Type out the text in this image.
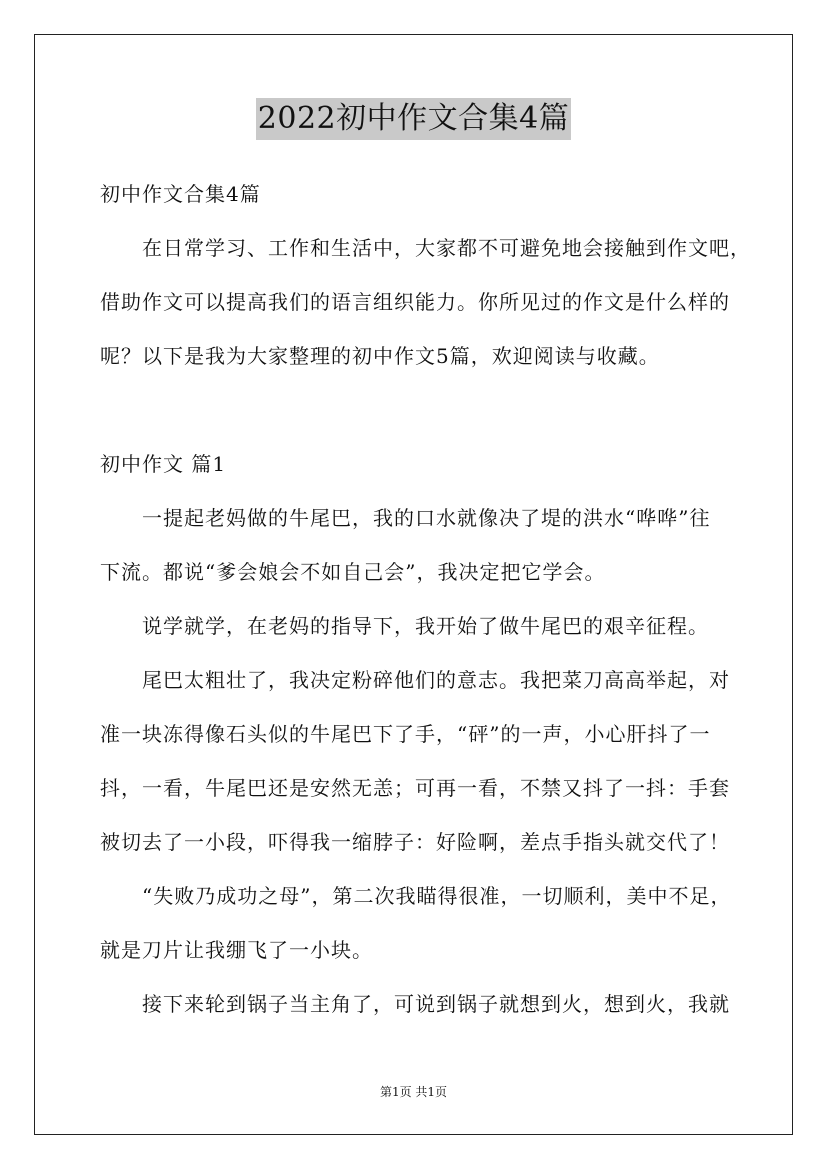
2022初中作文合集4篇
初中作文合集4篇
　　在日常学习、工作和生活中，大家都不可避免地会接触到作文吧，
借助作文可以提高我们的语言组织能力。你所见过的作文是什么样的
呢？以下是我为大家整理的初中作文5篇，欢迎阅读与收藏。
初中作文 篇1
　　一提起老妈做的牛尾巴，我的口水就像决了堤的洪水“哗哗”往
下流。都说“爹会娘会不如自己会”，我决定把它学会。
　　说学就学，在老妈的指导下，我开始了做牛尾巴的艰辛征程。
　　尾巴太粗壮了，我决定粉碎他们的意志。我把菜刀高高举起，对
准一块冻得像石头似的牛尾巴下了手，“砰”的一声，小心肝抖了一
抖，一看，牛尾巴还是安然无恙；可再一看，不禁又抖了一抖：手套
被切去了一小段，吓得我一缩脖子：好险啊，差点手指头就交代了！
　　“失败乃成功之母”，第二次我瞄得很准，一切顺利，美中不足，
就是刀片让我绷飞了一小块。
　　接下来轮到锅子当主角了，可说到锅子就想到火，想到火，我就
第1页 共1页
